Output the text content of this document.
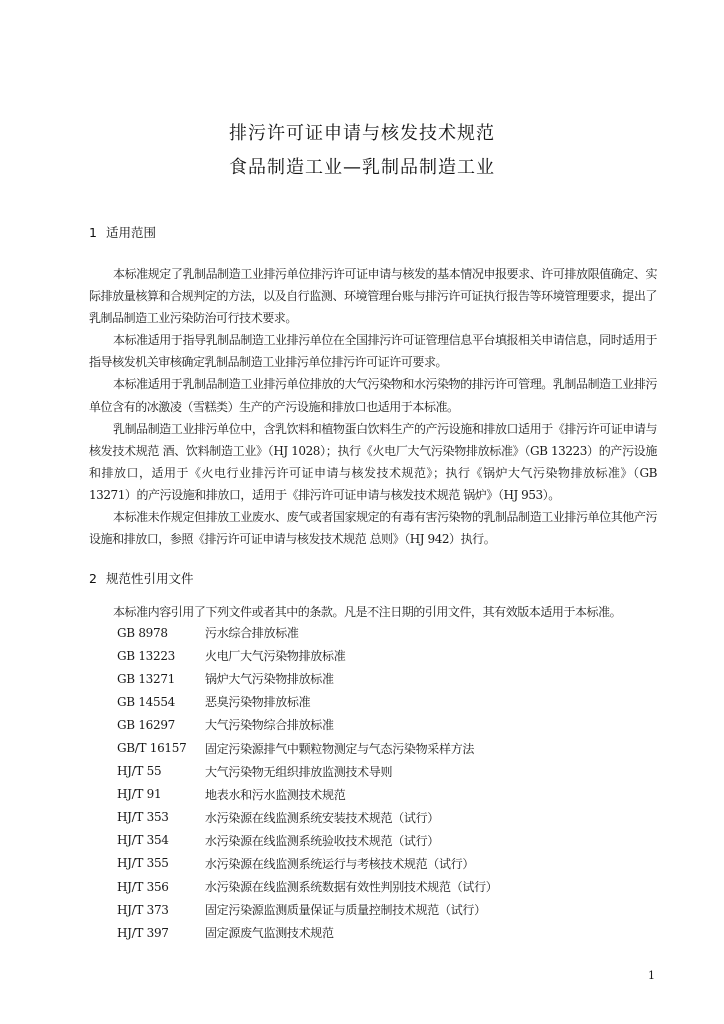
排污许可证申请与核发技术规范
食品制造工业—乳制品制造工业
1 适用范围

本标准规定了乳制品制造工业排污单位排污许可证申请与核发的基本情况申报要求、许可排放限值确定、实际排放量核算和合规判定的方法，以及自行监测、环境管理台账与排污许可证执行报告等环境管理要求，提出了乳制品制造工业污染防治可行技术要求。

本标准适用于指导乳制品制造工业排污单位在全国排污许可证管理信息平台填报相关申请信息，同时适用于指导核发机关审核确定乳制品制造工业排污单位排污许可证许可要求。

本标准适用于乳制品制造工业排污单位排放的大气污染物和水污染物的排污许可管理。乳制品制造工业排污单位含有的冰激凌（雪糕类）生产的产污设施和排放口也适用于本标准。

乳制品制造工业排污单位中，含乳饮料和植物蛋白饮料生产的产污设施和排放口适用于《排污许可证申请与核发技术规范 酒、饮料制造工业》（HJ 1028）；执行《火电厂大气污染物排放标准》（GB 13223）的产污设施和排放口，适用于《火电行业排污许可证申请与核发技术规范》；执行《锅炉大气污染物排放标准》（GB 13271）的产污设施和排放口，适用于《排污许可证申请与核发技术规范 锅炉》（HJ 953）。

本标准未作规定但排放工业废水、废气或者国家规定的有毒有害污染物的乳制品制造工业排污单位其他产污设施和排放口，参照《排污许可证申请与核发技术规范 总则》（HJ 942）执行。

2 规范性引用文件

本标准内容引用了下列文件或者其中的条款。凡是不注日期的引用文件，其有效版本适用于本标准。

GB 8978	污水综合排放标准
GB 13223	火电厂大气污染物排放标准
GB 13271	锅炉大气污染物排放标准
GB 14554	恶臭污染物排放标准
GB 16297	大气污染物综合排放标准
GB/T 16157	固定污染源排气中颗粒物测定与气态污染物采样方法
HJ/T 55	大气污染物无组织排放监测技术导则
HJ/T 91	地表水和污水监测技术规范
HJ/T 353	水污染源在线监测系统安装技术规范（试行）
HJ/T 354	水污染源在线监测系统验收技术规范（试行）
HJ/T 355	水污染源在线监测系统运行与考核技术规范（试行）
HJ/T 356	水污染源在线监测系统数据有效性判别技术规范（试行）
HJ/T 373	固定污染源监测质量保证与质量控制技术规范（试行）
HJ/T 397	固定源废气监测技术规范
1
